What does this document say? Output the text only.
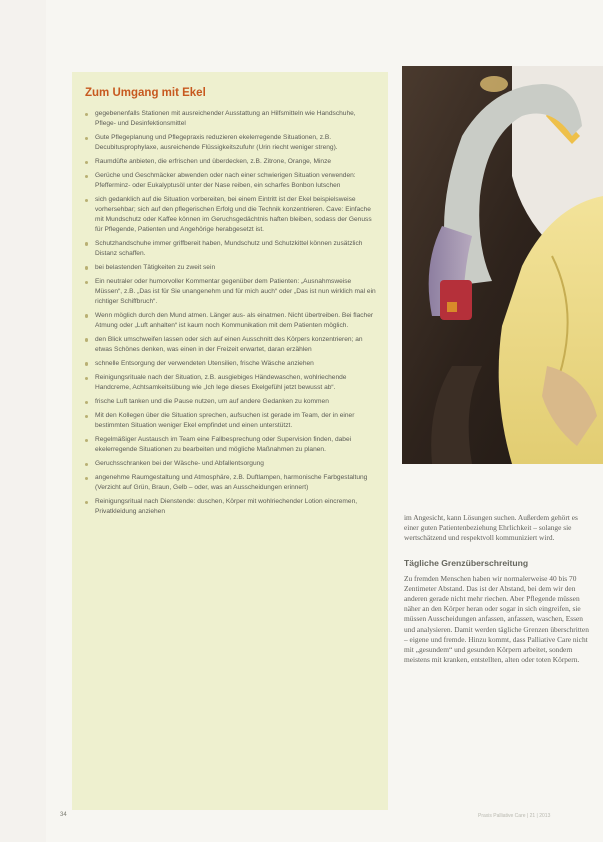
Zum Umgang mit Ekel
gegebenenfalls Stationen mit ausreichender Ausstattung an Hilfsmitteln wie Handschuhe, Pflege- und Desinfektionsmittel
Gute Pflegeplanung und Pflegepraxis reduzieren ekelerregende Situationen, z.B. Decubitusprophylaxe, ausreichende Flüssigkeitszufuhr (Urin riecht weniger streng).
Raumdüfte anbieten, die erfrischen und überdecken, z.B. Zitrone, Orange, Minze
Gerüche und Geschmäcker abwenden oder nach einer schwierigen Situation verwenden: Pfefferminz- oder Eukalyptusöl unter der Nase reiben, ein scharfes Bonbon lutschen
sich gedanklich auf die Situation vorbereiten, bei einem Eintritt ist der Ekel beispielsweise vorhersehbar; sich auf den pflegerischen Erfolg und die Technik konzentrieren. Cave: Einfache mit Mundschutz oder Kaffee können im Geruchsgedächtnis haften bleiben, sodass der Genuss für Pflegende, Patienten und Angehörige herabgesetzt ist.
Schutzhandschuhe immer griffbereit haben, Mundschutz und Schutzkittel können zusätzlich Distanz schaffen.
bei belastenden Tätigkeiten zu zweit sein
Ein neutraler oder humorvoller Kommentar gegenüber dem Patienten: „Ausnahmsweise Müssen“, z.B. „Das ist für Sie unangenehm und für mich auch“ oder „Das ist nun wirklich mal ein richtiger Schiffbruch“.
Wenn möglich durch den Mund atmen. Länger aus- als einatmen. Nicht übertreiben. Bei flacher Atmung oder „Luft anhalten“ ist kaum noch Kommunikation mit dem Patienten möglich.
den Blick umschweifen lassen oder sich auf einen Ausschnitt des Körpers konzentrieren; an etwas Schönes denken, was einen in der Freizeit erwartet, daran erzählen
schnelle Entsorgung der verwendeten Utensilien, frische Wäsche anziehen
Reinigungsrituale nach der Situation, z.B. ausgiebiges Händewaschen, wohlriechende Handcreme, Achtsamkeitsübung wie „Ich lege dieses Ekelgefühl jetzt bewusst ab“.
frische Luft tanken und die Pause nutzen, um auf andere Gedanken zu kommen
Mit den Kollegen über die Situation sprechen, aufsuchen ist gerade im Team, der in einer bestimmten Situation weniger Ekel empfindet und einen unterstützt.
Regelmäßiger Austausch im Team eine Fallbesprechung oder Supervision finden, dabei ekelerregende Situationen zu bearbeiten und mögliche Maßnahmen zu planen.
Geruchsschranken bei der Wäsche- und Abfallentsorgung
angenehme Raumgestaltung und Atmosphäre, z.B. Duftlampen, harmonische Farbgestaltung (Verzicht auf Grün, Braun, Gelb – oder, was an Ausscheidungen erinnert)
Reinigungsritual nach Dienstende: duschen, Körper mit wohlriechender Lotion eincremen, Privatkleidung anziehen

im Angesicht, kann Lösungen suchen. Außerdem gehört es einer guten Patientenbeziehung Ehrlichkeit – solange sie wertschätzend und respektvoll kommuniziert wird.

Tägliche Grenzüberschreitung

Zu fremden Menschen haben wir normalerweise 40 bis 70 Zentimeter Abstand. Das ist der Abstand, bei dem wir den anderen gerade nicht mehr riechen. Aber Pflegende müssen näher an den Körper heran oder sogar in sich eingreifen, sie müssen Ausscheidungen anfassen, anfassen, waschen, Essen und analysieren. Damit werden tägliche Grenzen überschritten – eigene und fremde. Hinzu kommt, dass Palliative Care nicht mit „gesundem“ und gesunden Körpern arbeitet, sondern meistens mit kranken, entstellten, alten oder toten Körpern.

34	Praxis Palliative Care | 21 | 2013
